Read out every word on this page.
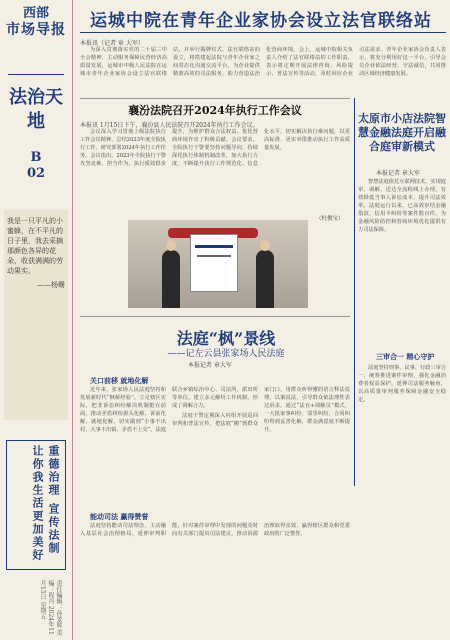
西部
市场导报
法治天地
B
02
我是一只平凡的小蜜蜂，在不平凡的日子里，我去采摘那颜色各异的花朵，收获满满的劳动果实。
——杨姗
重德治理 宣传法制 让你我生活更加美好
责任编辑：孙景辉 美编：程丹 2024年11月15日 星期五
运城中院在青年企业家协会设立法官联络站
本报讯（记者 章 大军）

为深入贯彻落实党的二十届三中全会精神，主动服务保障民营经济高质量发展，运城市中级人民法院在运城市青年企业家协会设立法官联络站，并举行揭牌仪式。法官联络站的设立，将搭建起法院与青年企业家之间常态化沟通交流平台，为企业提供精准高效的司法服务，助力营造法治化营商环境。会上，运城中院相关负责人介绍了法官联络站的工作职责，表示将定期开展法律咨询、风险提示、普法宣传等活动，及时回应企业司法需求。青年企业家协会负责人表示，将充分利用好这一平台，引导会员企业依法经营、守法诚信，共同推动区域经济健康发展。

襄汾法院召开2024年执行工作会议
本报讯 1月15日下午，襄汾县人民法院召开2024年执行工作会议。

会议深入学习贯彻上级法院执行工作会议精神，总结2023年度全院执行工作，研究部署2024年执行工作任务。会议指出，2023年全院执行干警攻坚克难、担当作为，执行质效稳步提升，为维护群众合法权益、优化营商环境作出了积极贡献。会议要求，全院执行干警要坚持问题导向，持续深化执行体制机制改革，加大执行力度，不断提升执行工作规范化、信息化水平，切实解决执行难问题，以更高标准、更实举措推动执行工作高质量发展。

（杜俊宝）
太原市小店法院智慧金融法庭开启融合庭审新模式
本报记者 章大军

智慧法庭依托互联网技术，实现庭审、调解、送达全流程线上办理，有效降低当事人诉讼成本，提升司法效率。法庭运行以来，已高效审结金融借款、信用卡纠纷等案件数百件，为金融风险防控和营商环境优化提供有力司法保障。

三审合一 精心守护

法庭坚持刑事、民事、行政三审合一，统筹推进案件审理，强化金融消费者权益保护，延伸司法服务触角，以高质量审判服务保障金融安全稳定。

法庭“枫”景线
——记左云县张家场人民法庭
本报记者 章大军
关口前移 就地化解

近年来，张家场人民法庭坚持和发展新时代“枫桥经验”，立足辖区实际，把非诉讼纠纷解决机制挺在前面，推动矛盾纠纷源头化解、诉前化解、就地化解，切实做到“小事不出村、大事不出镇、矛盾不上交”。法庭联合乡镇综治中心、司法所、派出所等单位，建立多元解纷工作机制，形成了调解合力。

法庭干警定期深入村组开展巡回审判和普法宣传，把法庭“搬”到群众家门口，用群众听得懂的语言释法说理，以案说法，引导群众依法理性表达诉求。通过“法官+调解员”模式，一大批家事纠纷、邻里纠纷、合同纠纷得到妥善化解，群众满意度不断提升。

能动司法 赢得赞誉

法庭坚持能动司法理念，主动融入基层社会治理格局，延伸审判职能，针对案件审理中发现的问题及时向有关部门提出司法建议，推动诉源治理取得实效，赢得辖区群众和党委政府的广泛赞誉。
